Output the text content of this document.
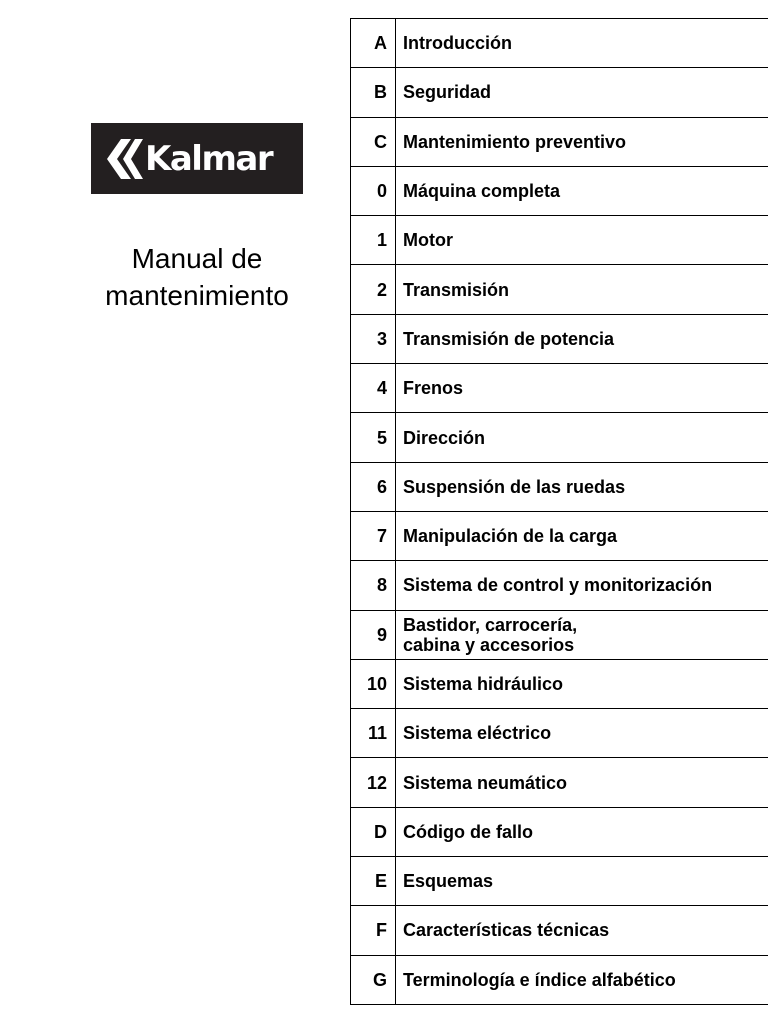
Kalmar
Manual de
mantenimiento
A	Introducción
B	Seguridad
C	Mantenimiento preventivo
0	Máquina completa
1	Motor
2	Transmisión
3	Transmisión de potencia
4	Frenos
5	Dirección
6	Suspensión de las ruedas
7	Manipulación de la carga
8	Sistema de control y monitorización
9	Bastidor, carrocería,
cabina y accesorios

10	Sistema hidráulico
11	Sistema eléctrico
12	Sistema neumático
D	Código de fallo
E	Esquemas
F	Características técnicas
G	Terminología e índice alfabético
